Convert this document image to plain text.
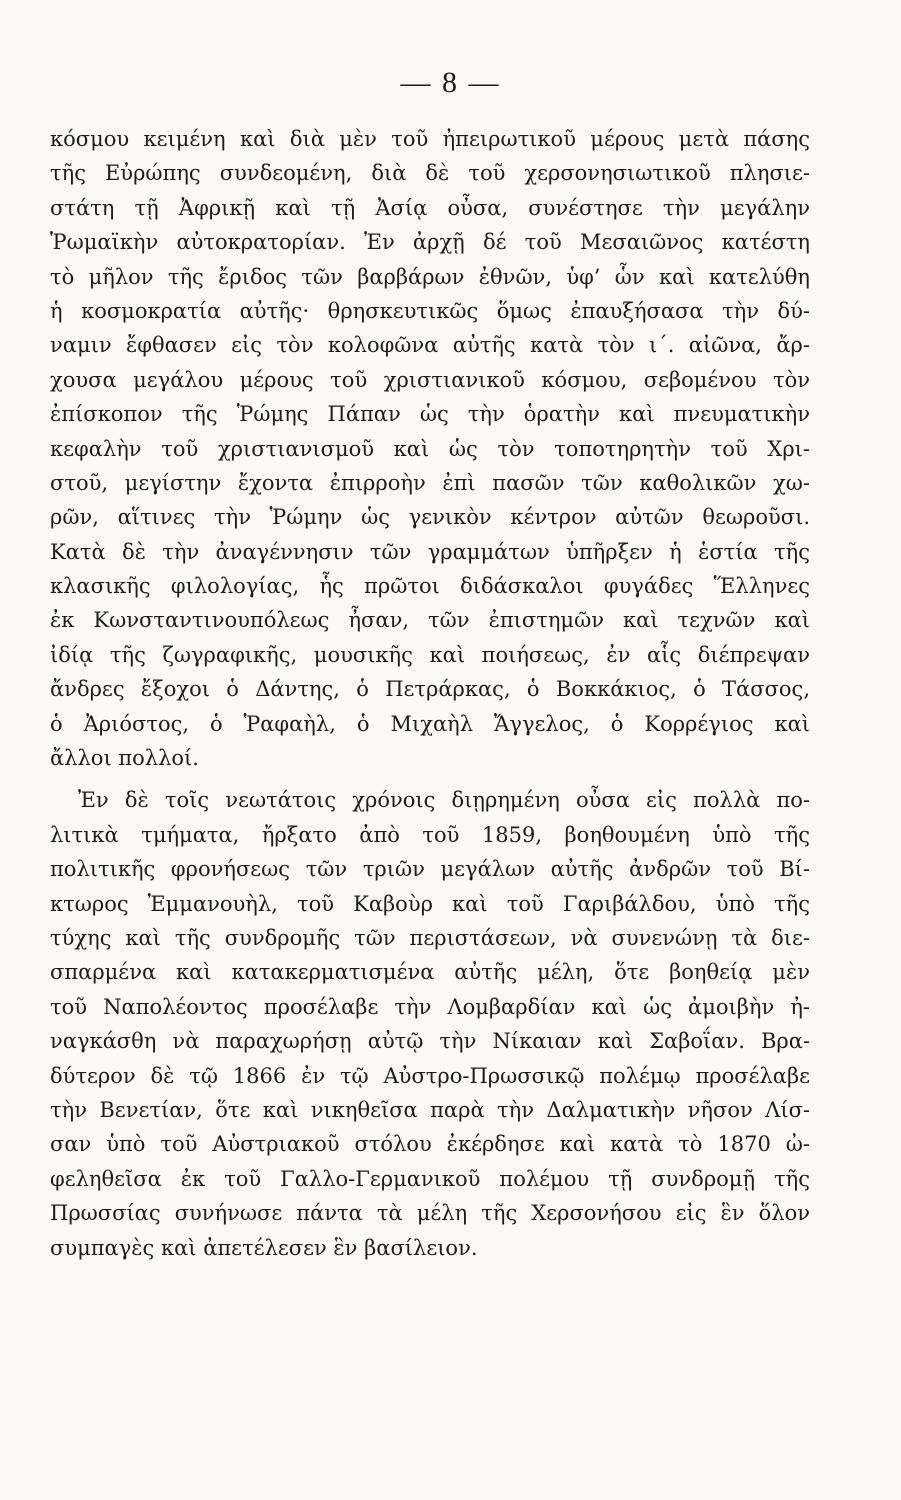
— 8 —
κόσμου κειμένη καὶ διὰ μὲν τοῦ ἠπειρωτικοῦ μέρους μετὰ πάσης
τῆς Εὐρώπης συνδεομένη, διὰ δὲ τοῦ χερσονησιωτικοῦ πλησιε-
στάτη τῇ Ἀφρικῇ καὶ τῇ Ἀσίᾳ οὖσα, συνέστησε τὴν μεγάλην
Ῥωμαϊκὴν αὐτοκρατορίαν. Ἐν ἀρχῇ δέ τοῦ Μεσαιῶνος κατέστη
τὸ μῆλον τῆς ἔριδος τῶν βαρβάρων ἐθνῶν, ὑφ’ ὧν καὶ κατελύθη
ἡ κοσμοκρατία αὐτῆς· θρησκευτικῶς ὅμως ἐπαυξήσασα τὴν δύ-
ναμιν ἔφθασεν εἰς τὸν κολοφῶνα αὐτῆς κατὰ τὸν ι΄. αἰῶνα, ἄρ-
χουσα μεγάλου μέρους τοῦ χριστιανικοῦ κόσμου, σεβομένου τὸν
ἐπίσκοπον τῆς Ῥώμης Πάπαν ὡς τὴν ὁρατὴν καὶ πνευματικὴν
κεφαλὴν τοῦ χριστιανισμοῦ καὶ ὡς τὸν τοποτηρητὴν τοῦ Χρι-
στοῦ, μεγίστην ἔχοντα ἐπιρροὴν ἐπὶ πασῶν τῶν καθολικῶν χω-
ρῶν, αἵτινες τὴν Ῥώμην ὡς γενικὸν κέντρον αὐτῶν θεωροῦσι.
Κατὰ δὲ τὴν ἀναγέννησιν τῶν γραμμάτων ὑπῆρξεν ἡ ἑστία τῆς
κλασικῆς φιλολογίας, ἧς πρῶτοι διδάσκαλοι φυγάδες Ἕλληνες
ἐκ Κωνσταντινουπόλεως ἦσαν, τῶν ἐπιστημῶν καὶ τεχνῶν καὶ
ἰδίᾳ τῆς ζωγραφικῆς, μουσικῆς καὶ ποιήσεως, ἐν αἷς διέπρεψαν
ἄνδρες ἔξοχοι ὁ Δάντης, ὁ Πετράρκας, ὁ Βοκκάκιος, ὁ Τάσσος,
ὁ Ἀριόστος, ὁ Ῥαφαὴλ, ὁ Μιχαὴλ Ἄγγελος, ὁ Κορρέγιος καὶ
ἄλλοι πολλοί.
Ἐν δὲ τοῖς νεωτάτοις χρόνοις διῃρημένη οὖσα εἰς πολλὰ πο-
λιτικὰ τμήματα, ἤρξατο ἀπὸ τοῦ 1859, βοηθουμένη ὑπὸ τῆς
πολιτικῆς φρονήσεως τῶν τριῶν μεγάλων αὐτῆς ἀνδρῶν τοῦ Βί-
κτωρος Ἐμμανουὴλ, τοῦ Καβοὺρ καὶ τοῦ Γαριβάλδου, ὑπὸ τῆς
τύχης καὶ τῆς συνδρομῆς τῶν περιστάσεων, νὰ συνενώνῃ τὰ διε-
σπαρμένα καὶ κατακερματισμένα αὐτῆς μέλη, ὅτε βοηθείᾳ μὲν
τοῦ Ναπολέοντος προσέλαβε τὴν Λομβαρδίαν καὶ ὡς ἀμοιβὴν ἠ-
ναγκάσθη νὰ παραχωρήσῃ αὐτῷ τὴν Νίκαιαν καὶ Σαβοΐαν. Βρα-
δύτερον δὲ τῷ 1866 ἐν τῷ Αὐστρο-Πρωσσικῷ πολέμῳ προσέλαβε
τὴν Βενετίαν, ὅτε καὶ νικηθεῖσα παρὰ τὴν Δαλματικὴν νῆσον Λίσ-
σαν ὑπὸ τοῦ Αὐστριακοῦ στόλου ἐκέρδησε καὶ κατὰ τὸ 1870 ὠ-
φεληθεῖσα ἐκ τοῦ Γαλλο-Γερμανικοῦ πολέμου τῇ συνδρομῇ τῆς
Πρωσσίας συνήνωσε πάντα τὰ μέλη τῆς Χερσονήσου εἰς ἓν ὅλον
συμπαγὲς καὶ ἀπετέλεσεν ἓν βασίλειον.
